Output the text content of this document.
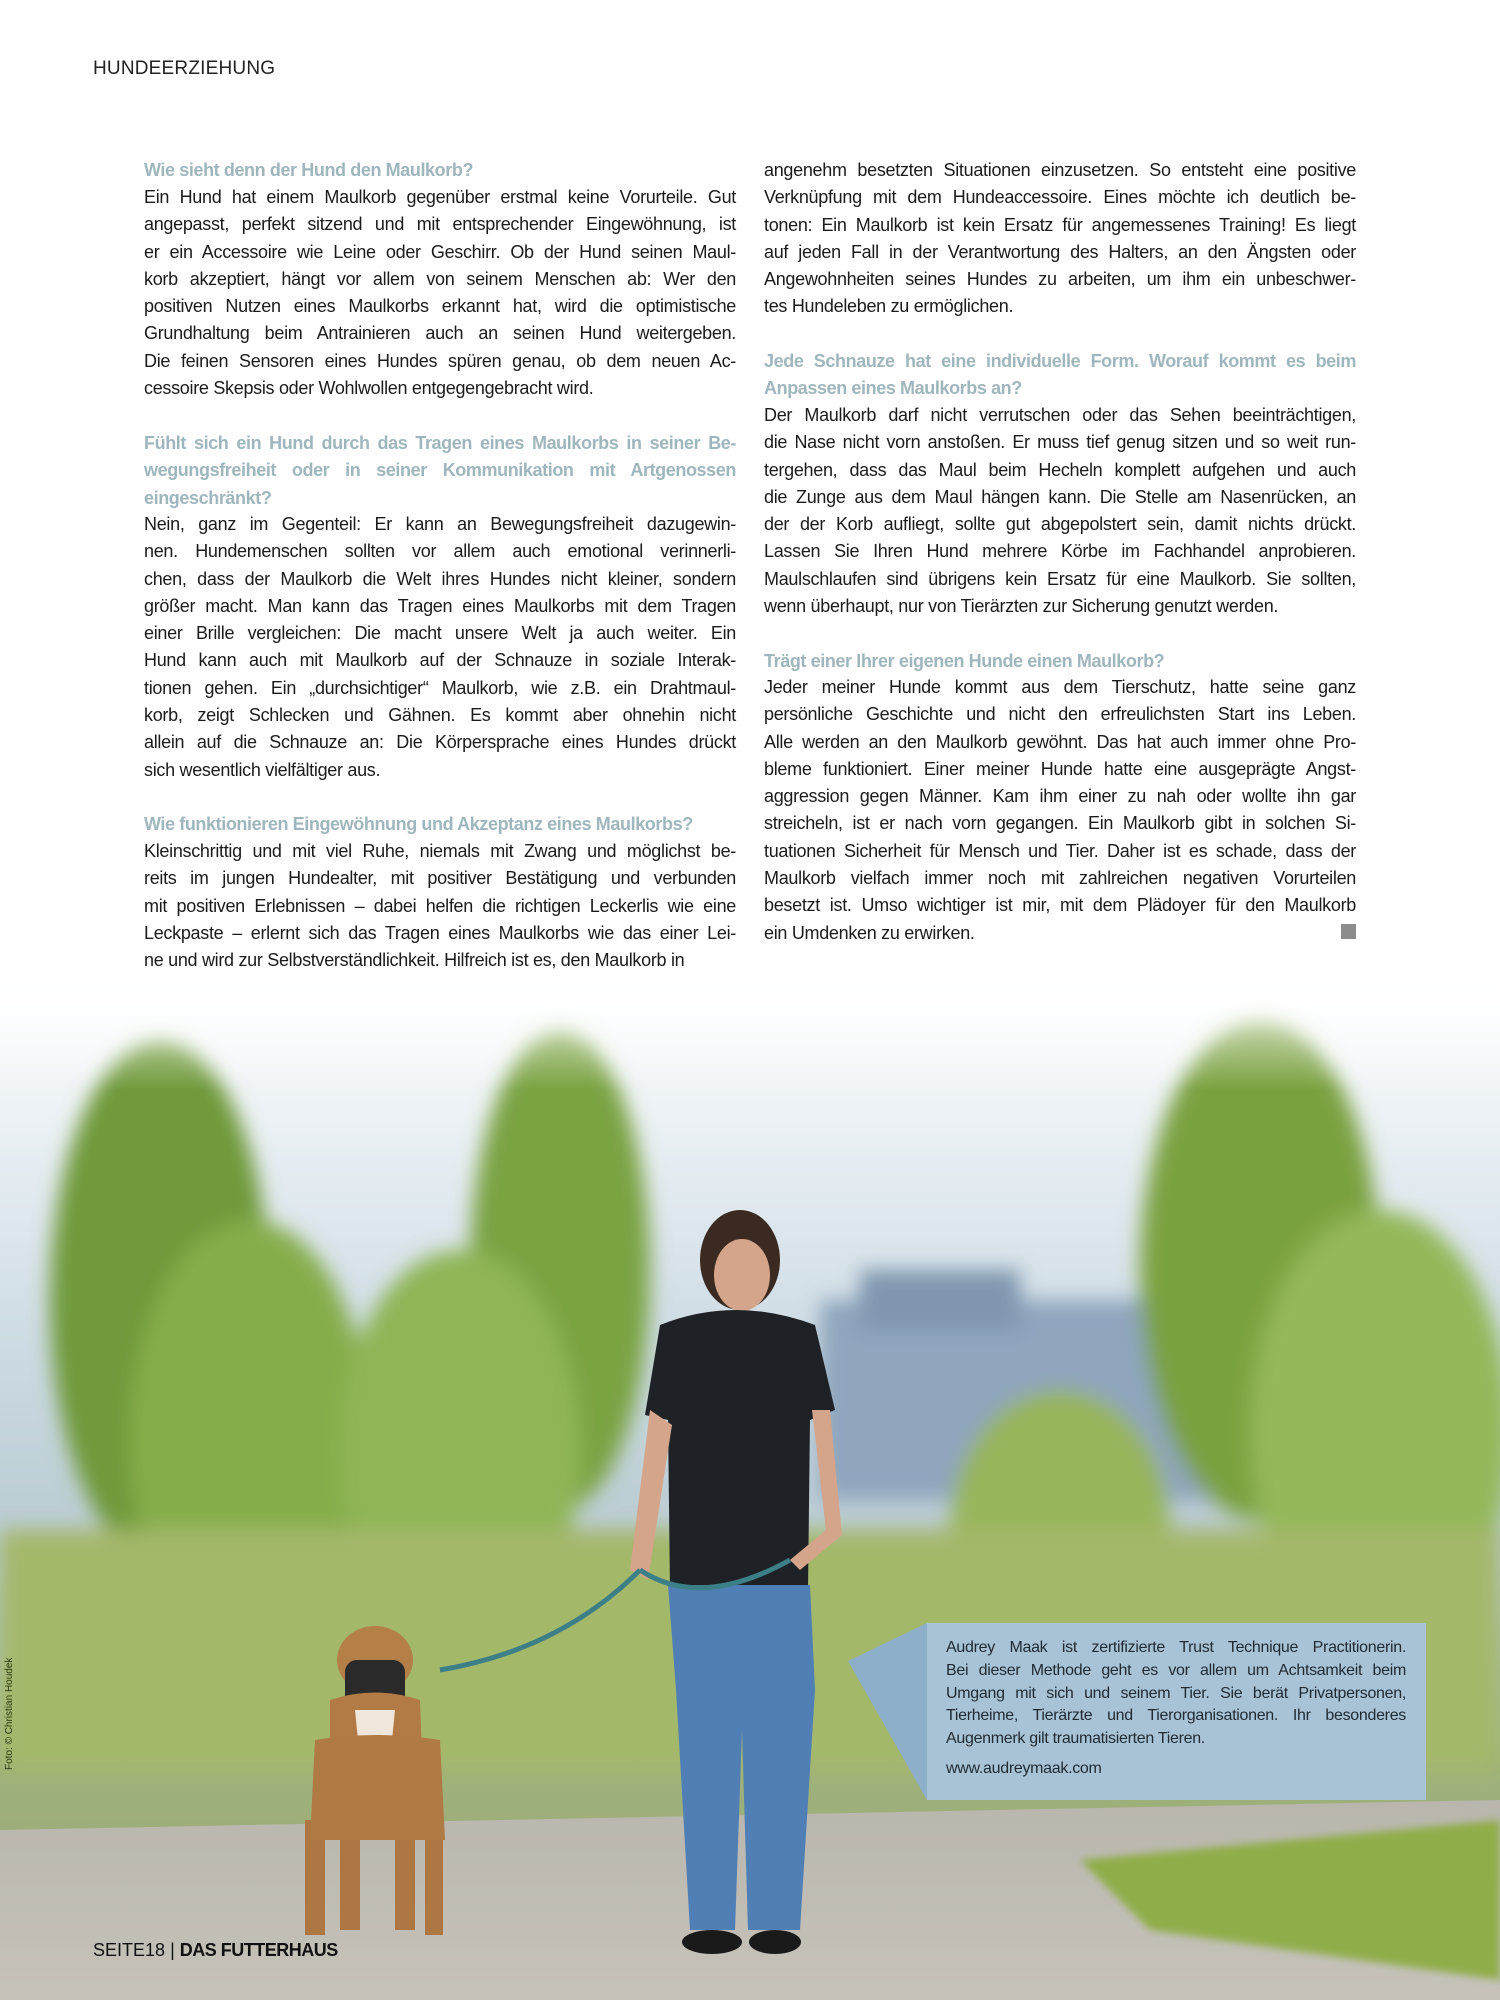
HUNDEERZIEHUNG
Wie sieht denn der Hund den Maulkorb?
Ein Hund hat einem Maulkorb gegenüber erstmal keine Vorurteile. Gut
angepasst, perfekt sitzend und mit entsprechender Eingewöhnung, ist
er ein Accessoire wie Leine oder Geschirr. Ob der Hund seinen Maul-
korb akzeptiert, hängt vor allem von seinem Menschen ab: Wer den
positiven Nutzen eines Maulkorbs erkannt hat, wird die optimistische
Grundhaltung beim Antrainieren auch an seinen Hund weitergeben.
Die feinen Sensoren eines Hundes spüren genau, ob dem neuen Ac-
cessoire Skepsis oder Wohlwollen entgegengebracht wird.
Fühlt sich ein Hund durch das Tragen eines Maulkorbs in seiner Be-
wegungsfreiheit oder in seiner Kommunikation mit Artgenossen
eingeschränkt?
Nein, ganz im Gegenteil: Er kann an Bewegungsfreiheit dazugewin-
nen. Hundemenschen sollten vor allem auch emotional verinnerli-
chen, dass der Maulkorb die Welt ihres Hundes nicht kleiner, sondern
größer macht. Man kann das Tragen eines Maulkorbs mit dem Tragen
einer Brille vergleichen: Die macht unsere Welt ja auch weiter. Ein
Hund kann auch mit Maulkorb auf der Schnauze in soziale Interak-
tionen gehen. Ein „durchsichtiger“ Maulkorb, wie z.B. ein Drahtmaul-
korb, zeigt Schlecken und Gähnen. Es kommt aber ohnehin nicht
allein auf die Schnauze an: Die Körpersprache eines Hundes drückt
sich wesentlich vielfältiger aus.
Wie funktionieren Eingewöhnung und Akzeptanz eines Maulkorbs?
Kleinschrittig und mit viel Ruhe, niemals mit Zwang und möglichst be-
reits im jungen Hundealter, mit positiver Bestätigung und verbunden
mit positiven Erlebnissen – dabei helfen die richtigen Leckerlis wie eine
Leckpaste – erlernt sich das Tragen eines Maulkorbs wie das einer Lei-
ne und wird zur Selbstverständlichkeit. Hilfreich ist es, den Maulkorb in
angenehm besetzten Situationen einzusetzen. So entsteht eine positive
Verknüpfung mit dem Hundeaccessoire. Eines möchte ich deutlich be-
tonen: Ein Maulkorb ist kein Ersatz für angemessenes Training! Es liegt
auf jeden Fall in der Verantwortung des Halters, an den Ängsten oder
Angewohnheiten seines Hundes zu arbeiten, um ihm ein unbeschwer-
tes Hundeleben zu ermöglichen.
Jede Schnauze hat eine individuelle Form. Worauf kommt es beim
Anpassen eines Maulkorbs an?
Der Maulkorb darf nicht verrutschen oder das Sehen beeinträchtigen,
die Nase nicht vorn anstoßen. Er muss tief genug sitzen und so weit run-
tergehen, dass das Maul beim Hecheln komplett aufgehen und auch
die Zunge aus dem Maul hängen kann. Die Stelle am Nasenrücken, an
der der Korb aufliegt, sollte gut abgepolstert sein, damit nichts drückt.
Lassen Sie Ihren Hund mehrere Körbe im Fachhandel anprobieren.
Maulschlaufen sind übrigens kein Ersatz für eine Maulkorb. Sie sollten,
wenn überhaupt, nur von Tierärzten zur Sicherung genutzt werden.
Trägt einer Ihrer eigenen Hunde einen Maulkorb?
Jeder meiner Hunde kommt aus dem Tierschutz, hatte seine ganz
persönliche Geschichte und nicht den erfreulichsten Start ins Leben.
Alle werden an den Maulkorb gewöhnt. Das hat auch immer ohne Pro-
bleme funktioniert. Einer meiner Hunde hatte eine ausgeprägte Angst-
aggression gegen Männer. Kam ihm einer zu nah oder wollte ihn gar
streicheln, ist er nach vorn gegangen. Ein Maulkorb gibt in solchen Si-
tuationen Sicherheit für Mensch und Tier. Daher ist es schade, dass der
Maulkorb vielfach immer noch mit zahlreichen negativen Vorurteilen
besetzt ist. Umso wichtiger ist mir, mit dem Plädoyer für den Maulkorb
ein Umdenken zu erwirken.
Audrey Maak ist zertifizierte Trust Technique Practitionerin.
Bei dieser Methode geht es vor allem um Achtsamkeit beim
Umgang mit sich und seinem Tier. Sie berät Privatpersonen,
Tierheime, Tierärzte und Tierorganisationen. Ihr besonderes
Augenmerk gilt traumatisierten Tieren.
www.audreymaak.com
Foto: © Christian Houdek
SEITE18 | DAS FUTTERHAUS
